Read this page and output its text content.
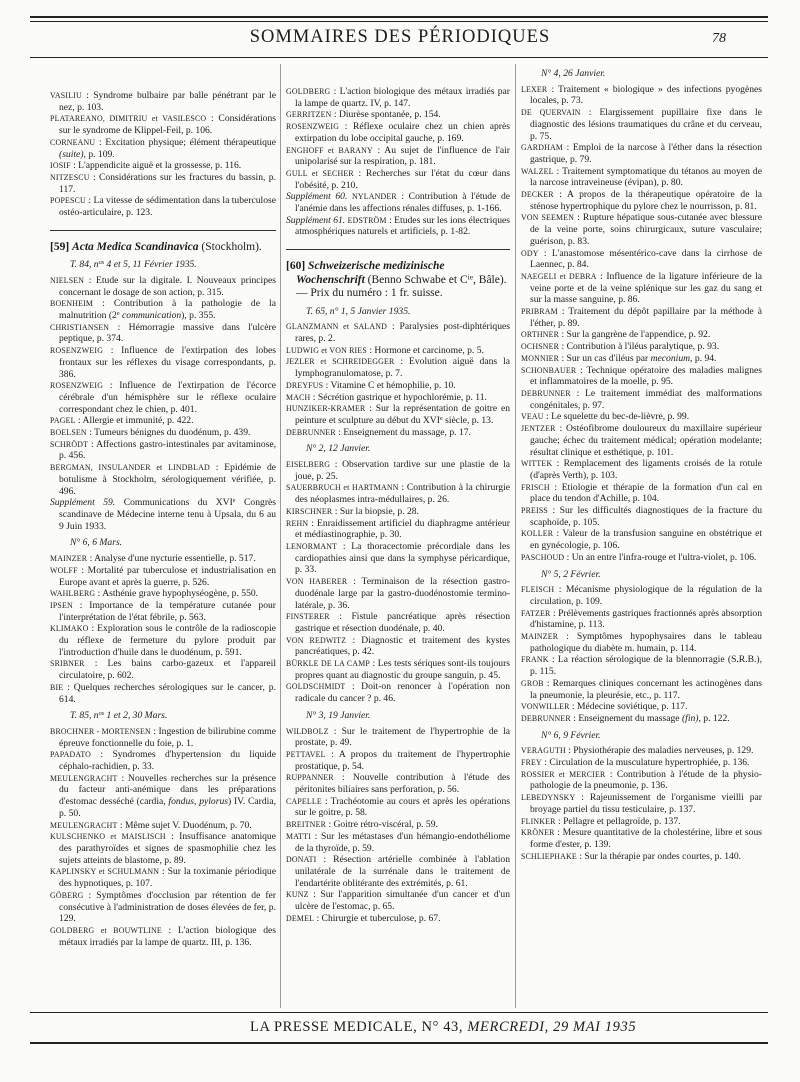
SOMMAIRES DES PÉRIODIQUES	78

VASILIU : Syndrome bulbaire par balle pénétrant par le nez, p. 103.

PLATAREANO, DIMITRIU et VASILESCO : Considérations sur le syndrome de Klippel-Feil, p. 106.

CORNEANU : Excitation physique; élément thérapeutique (suite), p. 109.

IOSIF : L'appendicite aiguë et la grossesse, p. 116.

NITZESCU : Considérations sur les fractures du bassin, p. 117.

POPESCU : La vitesse de sédimentation dans la tuberculose ostéo-articulaire, p. 123.

[59] Acta Medica Scandinavica (Stockholm).

T. 84, $n^{os}$ 4 et 5, 11 Février 1935.

NIELSEN : Etude sur la digitale. I. Nouveaux principes concernant le dosage de son action, p. 315.

BOENHEIM : Contribution à la pathologie de la malnutrition (2e communication), p. 355.

CHRISTIANSEN : Hémorragie massive dans l'ulcère peptique, p. 374.

ROSENZWEIG : Influence de l'extirpation des lobes frontaux sur les réflexes du visage correspondants, p. 386.

ROSENZWEIG : Influence de l'extirpation de l'écorce cérébrale d'un hémisphère sur le réflexe oculaire correspondant chez le chien, p. 401.

PAGEL : Allergie et immunité, p. 422.

BOELSEN : Tumeurs bénignes du duodénum, p. 439.

SCHRÖDT : Affections gastro-intestinales par avitaminose, p. 456.

BERGMAN, INSULANDER et LINDBLAD : Epidémie de botulisme à Stockholm, sérologiquement vérifiée, p. 496.

Supplément 59. Communications du XVIe Congrès scandinave de Médecine interne tenu à Upsala, du 6 au 9 Juin 1933.

N° 6, 6 Mars.

MAINZER : Analyse d'une nycturie essentielle, p. 517.

WOLFF : Mortalité par tuberculose et industrialisation en Europe avant et après la guerre, p. 526.

WAHLBERG : Asthénie grave hypophyséogène, p. 550.

IPSEN : Importance de la température cutanée pour l'interprétation de l'état fébrile, p. 563.

KLIMAKO : Exploration sous le contrôle de la radioscopie du réflexe de fermeture du pylore produit par l'introduction d'huile dans le duodénum, p. 591.

SRIBNER : Les bains carbo-gazeux et l'appareil circulatoire, p. 602.

BIE : Quelques recherches sérologiques sur le cancer, p. 614.

T. 85, $n^{os}$ 1 et 2, 30 Mars.

BROCHNER - MORTENSEN : Ingestion de bilirubine comme épreuve fonctionnelle du foie, p. 1.

PAPADATO : Syndromes d'hypertension du liquide céphalo-rachidien, p. 33.

MEULENGRACHT : Nouvelles recherches sur la présence du facteur anti-anémique dans les préparations d'estomac desséché (cardia, fondus, pylorus) IV. Cardia, p. 50.

MEULENGRACHT : Même sujet V. Duodénum, p. 70.

KULSCHENKO et MAISLISCH : Insuffisance anatomique des parathyroïdes et signes de spasmophilie chez les sujets atteints de blastome, p. 89.

KAPLINSKY et SCHULMANN : Sur la toximanie périodique des hypnotiques, p. 107.

GÖBERG : Symptômes d'occlusion par rétention de fer consécutive à l'administration de doses élevées de fer, p. 129.

GOLDBERG et BOUWTLINE : L'action biologique des métaux irradiés par la lampe de quartz. III, p. 136.

GOLDBERG : L'action biologique des métaux irradiés par la lampe de quartz. IV, p. 147.

GERRITZEN : Diurèse spontanée, p. 154.

ROSENZWEIG : Réflexe oculaire chez un chien après extirpation du lobe occipital gauche, p. 169.

ENGHOFF et BARANY : Au sujet de l'influence de l'air unipolarisé sur la respiration, p. 181.

GULL et SECHER : Recherches sur l'état du cœur dans l'obésité, p. 210.

Supplément 60. NYLANDER : Contribution à l'étude de l'anémie dans les affections rénales diffuses, p. 1-166.

Supplément 61. EDSTRÖM : Etudes sur les ions électriques atmosphériques naturels et artificiels, p. 1-82.

[60] Schweizerische medizinische Wochenschrift (Benno Schwabe et $C^{ie}$, Bâle). — Prix du numéro : 1 fr. suisse.

T. 65, n° 1, 5 Janvier 1935.

GLANZMANN et SALAND : Paralysies post-diphtériques rares, p. 2.

LUDWIG et VON RIES : Hormone et carcinome, p. 5.

JEZLER et SCHREIDEGGER : Evolution aiguë dans la lymphogranulomatose, p. 7.

DREYFUS : Vitamine C et hémophilie, p. 10.

MACH : Sécrétion gastrique et hypochlorémie, p. 11.

HUNZIKER-KRAMER : Sur la représentation de goitre en peinture et sculpture au début du XVIe siècle, p. 13.

DEBRUNNER : Enseignement du massage, p. 17.

N° 2, 12 Janvier.

EISELBERG : Observation tardive sur une plastie de la joue, p. 25.

SAUERBRUCH et HARTMANN : Contribution à la chirurgie des néoplasmes intra-médullaires, p. 26.

KIRSCHNER : Sur la biopsie, p. 28.

REHN : Enraidissement artificiel du diaphragme antérieur et médiastinographie, p. 30.

LENORMANT : La thoracectomie précordiale dans les cardiopathies ainsi que dans la symphyse péricardique, p. 33.

VON HABERER : Terminaison de la résection gastro-duodénale large par la gastro-duodénostomie termino-latérale, p. 36.

FINSTERER : Fistule pancréatique après résection gastrique et résection duodénale, p. 40.

VON REDWITZ : Diagnostic et traitement des kystes pancréatiques, p. 42.

BÜRKLE DE LA CAMP : Les tests sériques sont-ils toujours propres quant au diagnostic du groupe sanguin, p. 45.

GOLDSCHMIDT : Doit-on renoncer à l'opération non radicale du cancer ? p. 46.

N° 3, 19 Janvier.

WILDBOLZ : Sur le traitement de l'hypertrophie de la prostate, p. 49.

PETTAVEL : A propos du traitement de l'hypertrophie prostatique, p. 54.

RUPPANNER : Nouvelle contribution à l'étude des péritonites biliaires sans perforation, p. 56.

CAPELLE : Trachéotomie au cours et après les opérations sur le goitre, p. 58.

BREITNER : Goitre rétro-viscéral, p. 59.

MATTI : Sur les métastases d'un hémangio-endothéliome de la thyroïde, p. 59.

DONATI : Résection artérielle combinée à l'ablation unilatérale de la surrénale dans le traitement de l'endartérite oblitérante des extrémités, p. 61.

KUNZ : Sur l'apparition simultanée d'un cancer et d'un ulcère de l'estomac, p. 65.

DEMEL : Chirurgie et tuberculose, p. 67.

N° 4, 26 Janvier.

LEXER : Traitement « biologique » des infections pyogènes locales, p. 73.

DE QUERVAIN : Elargissement pupillaire fixe dans le diagnostic des lésions traumatiques du crâne et du cerveau, p. 75.

GARDHAM : Emploi de la narcose à l'éther dans la résection gastrique, p. 79.

WALZEL : Traitement symptomatique du tétanos au moyen de la narcose intraveineuse (évipan), p. 80.

DECKER : A propos de la thérapeutique opératoire de la sténose hypertrophique du pylore chez le nourrisson, p. 81.

VON SEEMEN : Rupture hépatique sous-cutanée avec blessure de la veine porte, soins chirurgicaux, suture vasculaire; guérison, p. 83.

ODY : L'anastomose mésentérico-cave dans la cirrhose de Laennec, p. 84.

NAEGELI et DEBRA : Influence de la ligature inférieure de la veine porte et de la veine splénique sur les gaz du sang et sur la masse sanguine, p. 86.

PRIBRAM : Traitement du dépôt papillaire par la méthode à l'éther, p. 89.

ORTHNER : Sur la gangrène de l'appendice, p. 92.

OCHSNER : Contribution à l'iléus paralytique, p. 93.

MONNIER : Sur un cas d'iléus par meconium, p. 94.

SCHONBAUER : Technique opératoire des maladies malignes et inflammatoires de la moelle, p. 95.

DEBRUNNER : Le traitement immédiat des malformations congénitales, p. 97.

VEAU : Le squelette du bec-de-lièvre, p. 99.

JENTZER : Ostéofibrome douloureux du maxillaire supérieur gauche; échec du traitement médical; opération modelante; résultat clinique et esthétique, p. 101.

WITTEK : Remplacement des ligaments croisés de la rotule (d'après Verth), p. 103.

FRISCH : Etiologie et thérapie de la formation d'un cal en place du tendon d'Achille, p. 104.

PREISS : Sur les difficultés diagnostiques de la fracture du scaphoïde, p. 105.

KOLLER : Valeur de la transfusion sanguine en obstétrique et en gynécologie, p. 106.

PASCHOUD : Un an entre l'infra-rouge et l'ultra-violet, p. 106.

N° 5, 2 Février.

FLEISCH : Mécanisme physiologique de la régulation de la circulation, p. 109.

FATZER : Prélèvements gastriques fractionnés après absorption d'histamine, p. 113.

MAINZER : Symptômes hypophysaires dans le tableau pathologique du diabète m. humain, p. 114.

FRANK : La réaction sérologique de la blennorragie (S.R.B.), p. 115.

GROB : Remarques cliniques concernant les actinogènes dans la pneumonie, la pleurésie, etc., p. 117.

VONWILLER : Médecine soviétique, p. 117.

DEBRUNNER : Enseignement du massage (fin), p. 122.

N° 6, 9 Février.

VERAGUTH : Physiothérapie des maladies nerveuses, p. 129.

FREY : Circulation de la musculature hypertrophiée, p. 136.

ROSSIER et MERCIER : Contribution à l'étude de la physio-pathologie de la pneumonie, p. 136.

LEBEDYNSKY : Rajeunissement de l'organisme vieilli par broyage partiel du tissu testiculaire, p. 137.

FLINKER : Pellagre et pellagroïde, p. 137.

KRÖNER : Mesure quantitative de la cholestérine, libre et sous forme d'ester, p. 139.

SCHLIEPHAKE : Sur la thérapie par ondes courtes, p. 140.

LA PRESSE MEDICALE, N° 43, MERCREDI, 29 MAI 1935
